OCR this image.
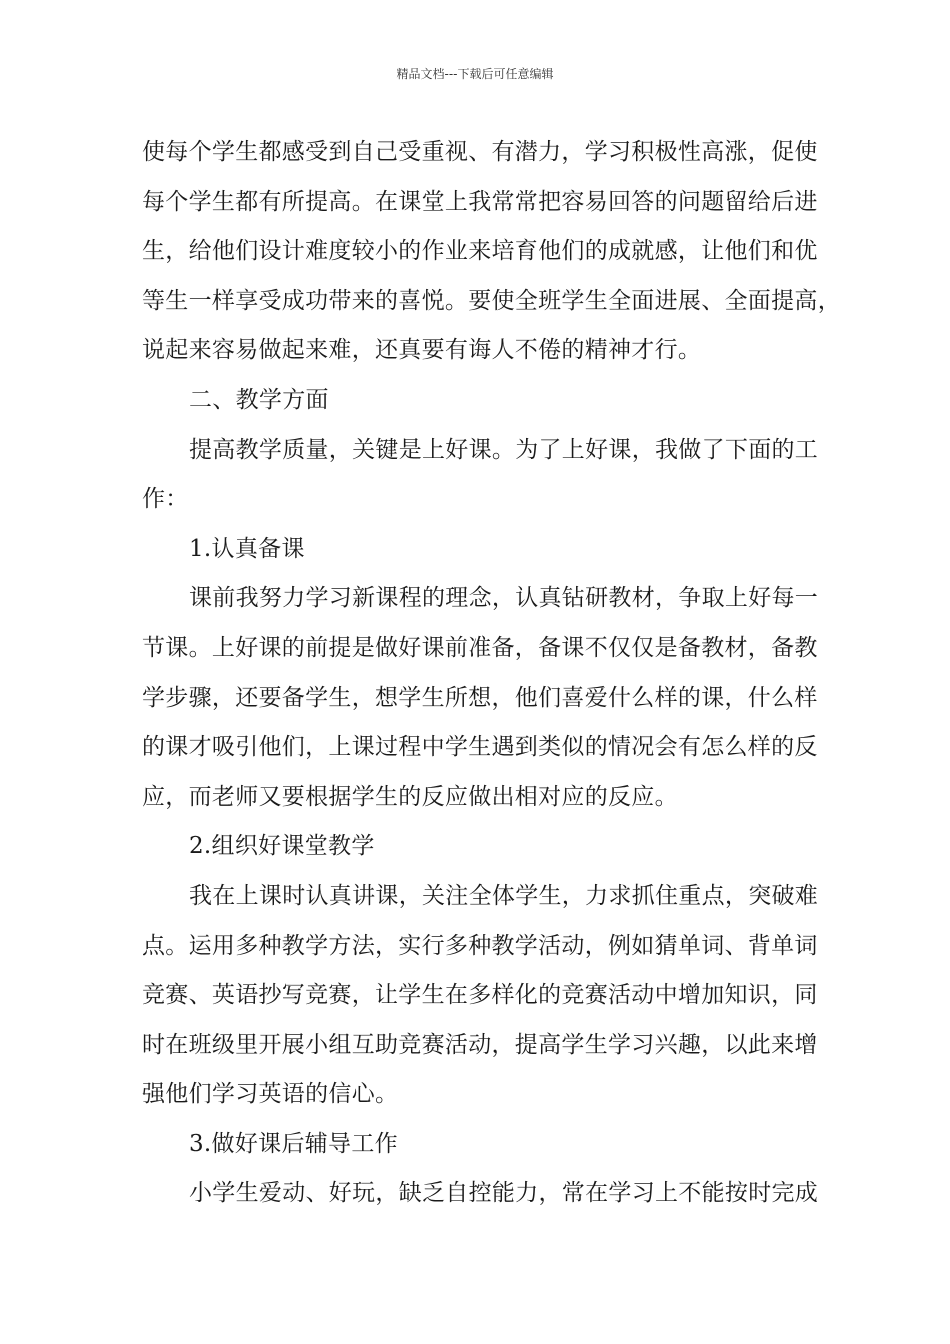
精品文档---下载后可任意编辑
使每个学生都感受到自己受重视、有潜力，学习积极性高涨，促使
每个学生都有所提高。在课堂上我常常把容易回答的问题留给后进
生，给他们设计难度较小的作业来培育他们的成就感，让他们和优
等生一样享受成功带来的喜悦。要使全班学生全面进展、全面提高，
说起来容易做起来难，还真要有诲人不倦的精神才行。
二、教学方面
提高教学质量，关键是上好课。为了上好课，我做了下面的工
作：
1.认真备课
课前我努力学习新课程的理念，认真钻研教材，争取上好每一
节课。上好课的前提是做好课前准备，备课不仅仅是备教材，备教
学步骤，还要备学生，想学生所想，他们喜爱什么样的课，什么样
的课才吸引他们，上课过程中学生遇到类似的情况会有怎么样的反
应，而老师又要根据学生的反应做出相对应的反应。
2.组织好课堂教学
我在上课时认真讲课，关注全体学生，力求抓住重点，突破难
点。运用多种教学方法，实行多种教学活动，例如猜单词、背单词
竞赛、英语抄写竞赛，让学生在多样化的竞赛活动中增加知识，同
时在班级里开展小组互助竞赛活动，提高学生学习兴趣，以此来增
强他们学习英语的信心。
3.做好课后辅导工作
小学生爱动、好玩，缺乏自控能力，常在学习上不能按时完成
